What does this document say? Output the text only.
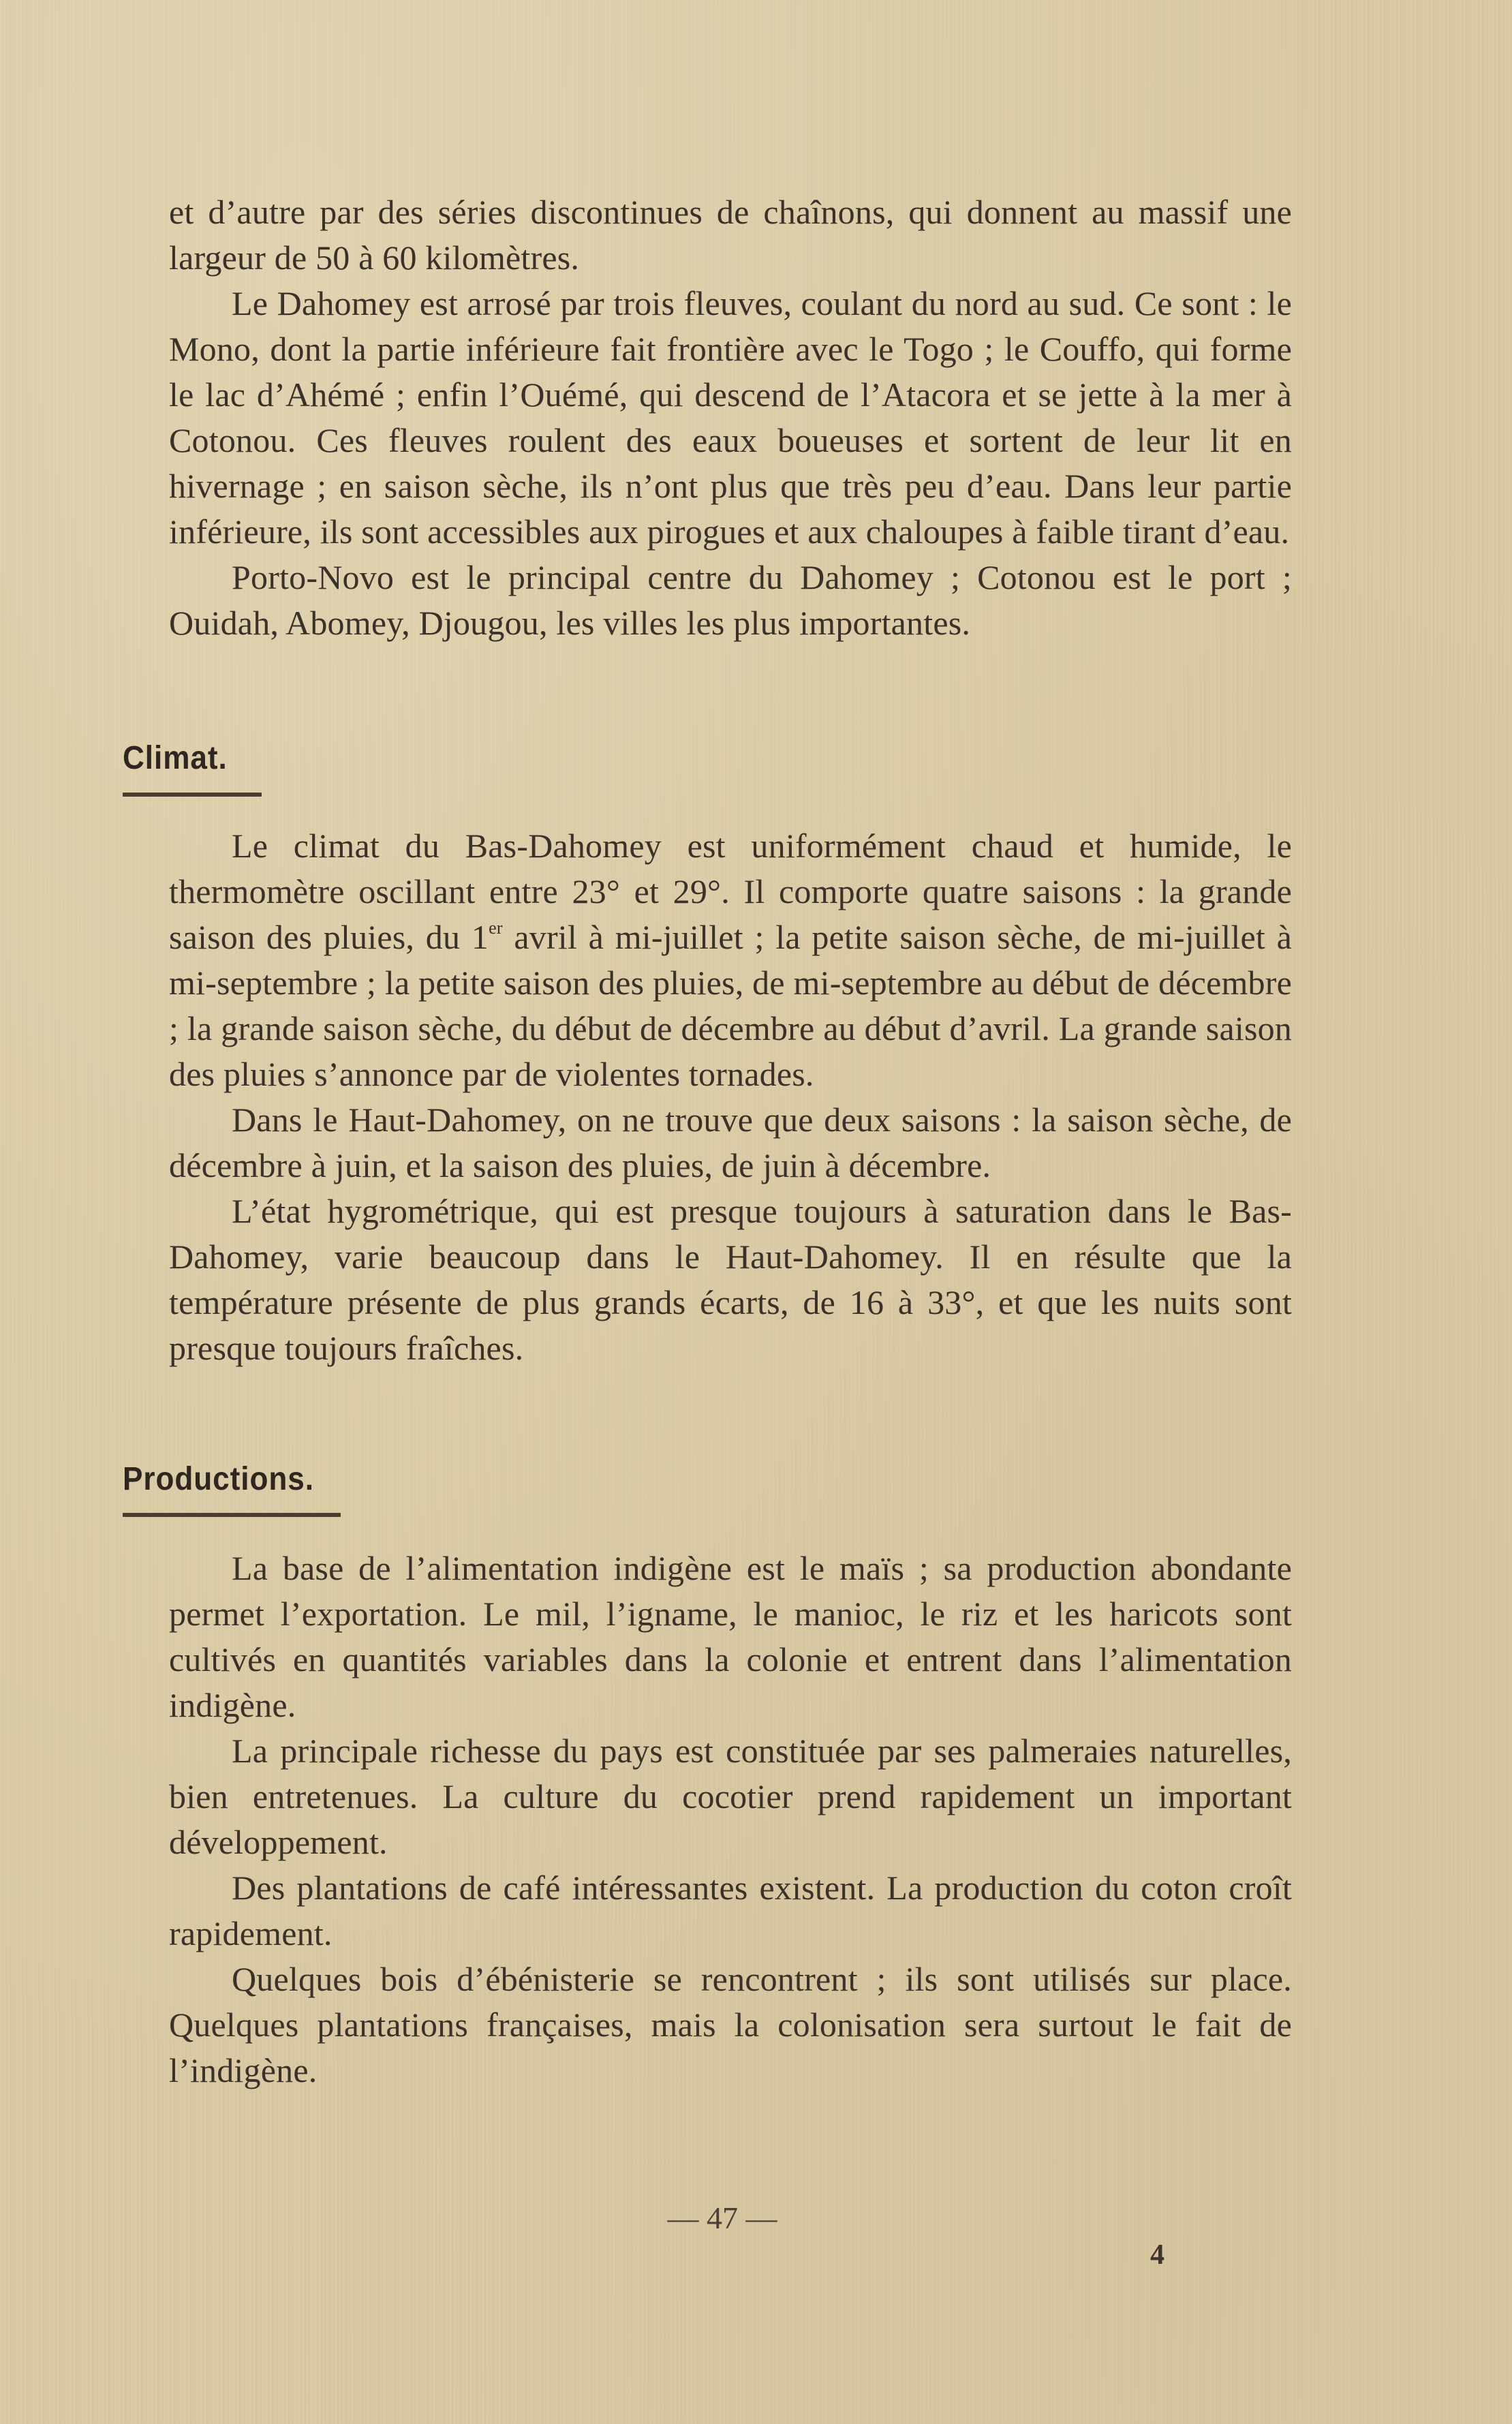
et d’autre par des séries discontinues de chaînons, qui donnent au massif une largeur de 50 à 60 kilomètres.

Le Dahomey est arrosé par trois fleuves, coulant du nord au sud. Ce sont : le Mono, dont la partie inférieure fait frontière avec le Togo ; le Couffo, qui forme le lac d’Ahémé ; enfin l’Ouémé, qui descend de l’Atacora et se jette à la mer à Cotonou. Ces fleuves roulent des eaux boueuses et sortent de leur lit en hivernage ; en saison sèche, ils n’ont plus que très peu d’eau. Dans leur partie inférieure, ils sont accessibles aux pirogues et aux chaloupes à faible tirant d’eau.

Porto-Novo est le principal centre du Dahomey ; Cotonou est le port ; Ouidah, Abomey, Djougou, les villes les plus importantes.

Climat.

Le climat du Bas-Dahomey est uniformément chaud et humide, le thermomètre oscillant entre 23° et 29°. Il comporte quatre saisons : la grande saison des pluies, du 1er avril à mi-juillet ; la petite saison sèche, de mi-juillet à mi-septembre ; la petite saison des pluies, de mi-septembre au début de décembre ; la grande saison sèche, du début de décembre au début d’avril. La grande saison des pluies s’annonce par de violentes tornades.

Dans le Haut-Dahomey, on ne trouve que deux saisons : la saison sèche, de décembre à juin, et la saison des pluies, de juin à décembre.

L’état hygrométrique, qui est presque toujours à saturation dans le Bas-Dahomey, varie beaucoup dans le Haut-Dahomey. Il en résulte que la température présente de plus grands écarts, de 16 à 33°, et que les nuits sont presque toujours fraîches.

Productions.

La base de l’alimentation indigène est le maïs ; sa production abondante permet l’exportation. Le mil, l’igname, le manioc, le riz et les haricots sont cultivés en quantités variables dans la colonie et entrent dans l’alimentation indigène.

La principale richesse du pays est constituée par ses palmeraies naturelles, bien entretenues. La culture du cocotier prend rapidement un important développement.

Des plantations de café intéressantes existent. La production du coton croît rapidement.

Quelques bois d’ébénisterie se rencontrent ; ils sont utilisés sur place. Quelques plantations françaises, mais la colonisation sera surtout le fait de l’indigène.

— 47 —
4
